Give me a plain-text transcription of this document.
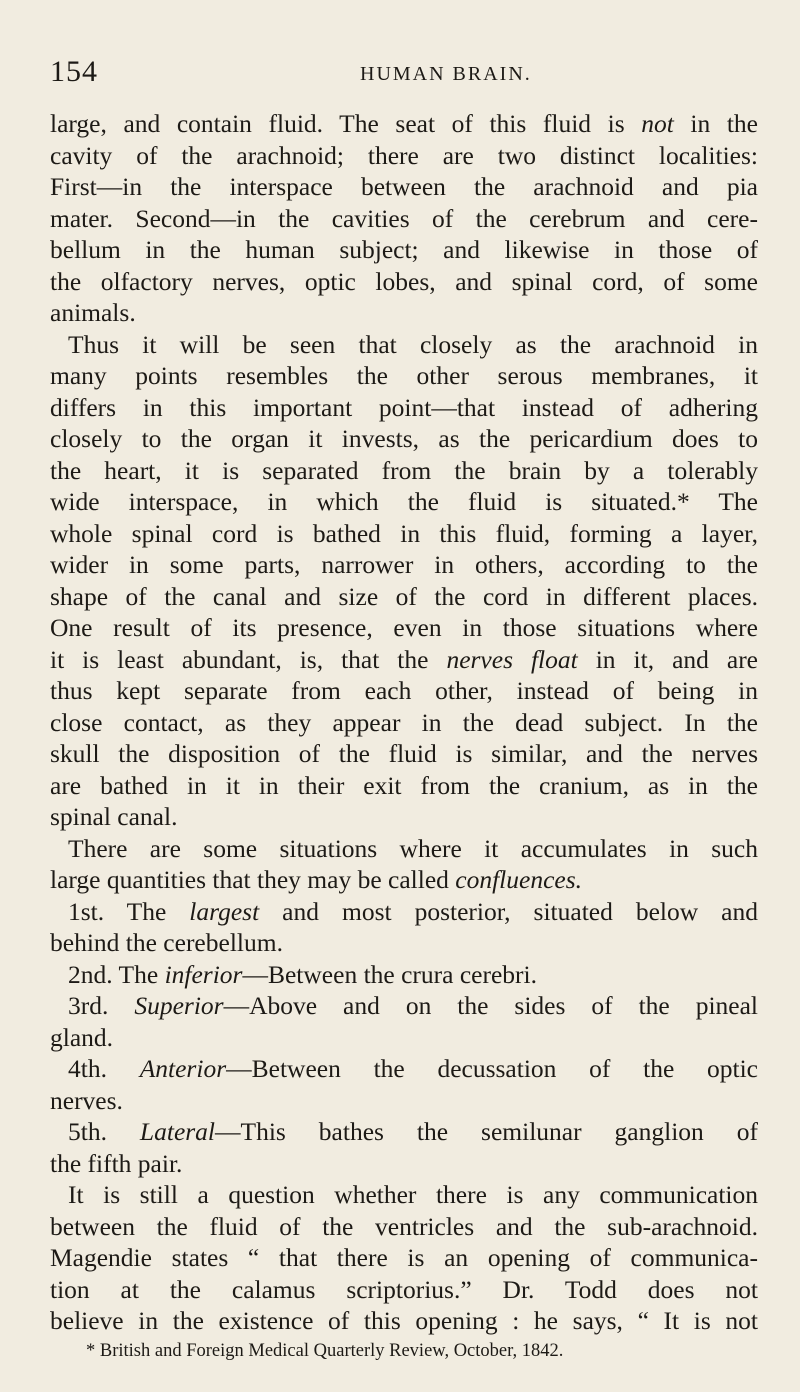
154	HUMAN BRAIN.
large, and contain fluid. The seat of this fluid is not in the
cavity of the arachnoid; there are two distinct localities:
First—in the interspace between the arachnoid and pia
mater. Second—in the cavities of the cerebrum and cere-
bellum in the human subject; and likewise in those of
the olfactory nerves, optic lobes, and spinal cord, of some
animals.
Thus it will be seen that closely as the arachnoid in
many points resembles the other serous membranes, it
differs in this important point—that instead of adhering
closely to the organ it invests, as the pericardium does to
the heart, it is separated from the brain by a tolerably
wide interspace, in which the fluid is situated.* The
whole spinal cord is bathed in this fluid, forming a layer,
wider in some parts, narrower in others, according to the
shape of the canal and size of the cord in different places.
One result of its presence, even in those situations where
it is least abundant, is, that the nerves float in it, and are
thus kept separate from each other, instead of being in
close contact, as they appear in the dead subject. In the
skull the disposition of the fluid is similar, and the nerves
are bathed in it in their exit from the cranium, as in the
spinal canal.
There are some situations where it accumulates in such
large quantities that they may be called confluences.
1st. The largest and most posterior, situated below and
behind the cerebellum.
2nd. The inferior—Between the crura cerebri.
3rd. Superior—Above and on the sides of the pineal
gland.
4th. Anterior—Between the decussation of the optic
nerves.
5th. Lateral—This bathes the semilunar ganglion of
the fifth pair.
It is still a question whether there is any communication
between the fluid of the ventricles and the sub-arachnoid.
Magendie states “ that there is an opening of communica-
tion at the calamus scriptorius.” Dr. Todd does not
believe in the existence of this opening : he says, “ It is not
* British and Foreign Medical Quarterly Review, October, 1842.
